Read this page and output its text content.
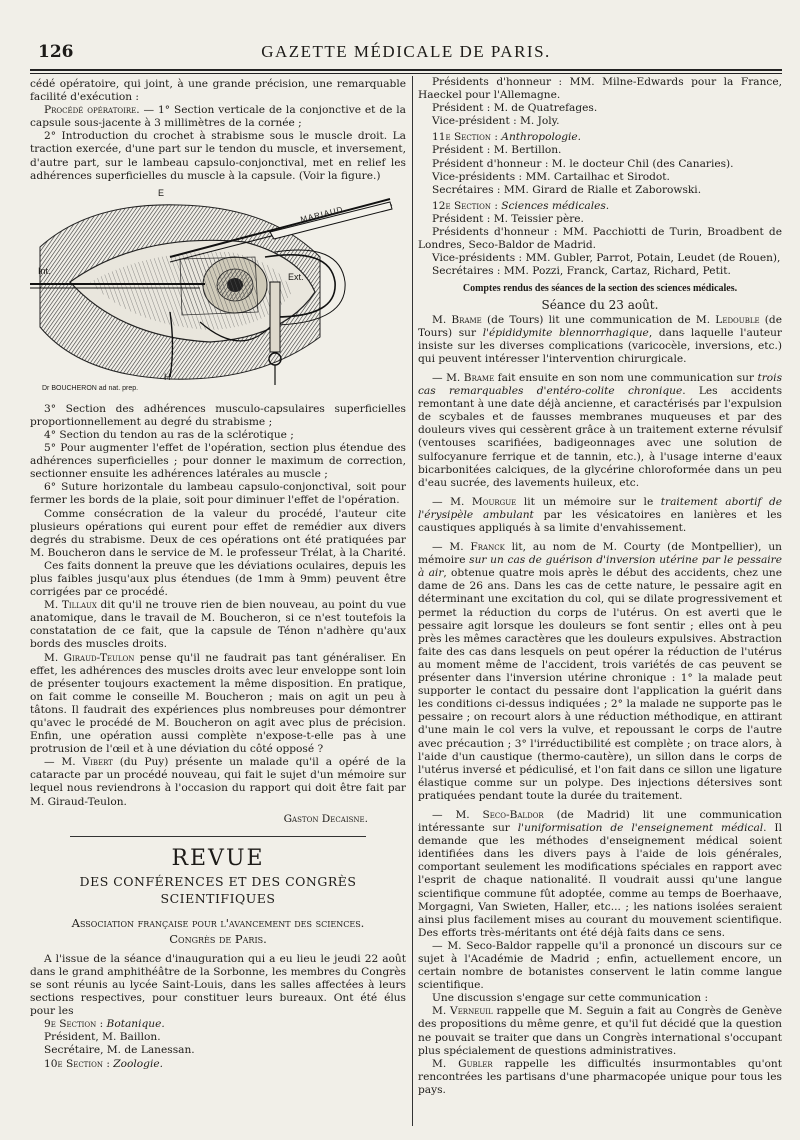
126	GAZETTE MÉDICALE DE PARIS.

cédé opératoire, qui joint, à une grande précision, une remarquable facilité d'exécution :

Procédé opératoire. — 1° Section verticale de la conjonctive et de la capsule sous-jacente à 3 millimètres de la cornée ;

2° Introduction du crochet à strabisme sous le muscle droit. La traction exercée, d'une part sur le tendon du muscle, et inversement, d'autre part, sur le lambeau capsulo-conjonctival, met en relief les adhérences superficielles du muscle à la capsule. (Voir la figure.)

E
Int.
Ext.
MARIAUD
H
Dr BOUCHERON ad nat. prep.

3° Section des adhérences musculo-capsulaires superficielles proportionnellement au degré du strabisme ;

4° Section du tendon au ras de la sclérotique ;

5° Pour augmenter l'effet de l'opération, section plus étendue des adhérences superficielles ; pour donner le maximum de correction, sectionner ensuite les adhérences latérales au muscle ;

6° Suture horizontale du lambeau capsulo-conjonctival, soit pour fermer les bords de la plaie, soit pour diminuer l'effet de l'opération.

Comme consécration de la valeur du procédé, l'auteur cite plusieurs opérations qui eurent pour effet de remédier aux divers degrés du strabisme. Deux de ces opérations ont été pratiquées par M. Boucheron dans le service de M. le professeur Trélat, à la Charité.

Ces faits donnent la preuve que les déviations oculaires, depuis les plus faibles jusqu'aux plus étendues (de 1mm à 9mm) peuvent être corrigées par ce procédé.

M. Tillaux dit qu'il ne trouve rien de bien nouveau, au point du vue anatomique, dans le travail de M. Boucheron, si ce n'est toutefois la constatation de ce fait, que la capsule de Ténon n'adhère qu'aux bords des muscles droits.

M. Giraud-Teulon pense qu'il ne faudrait pas tant généraliser. En effet, les adhérences des muscles droits avec leur enveloppe sont loin de présenter toujours exactement la même disposition. En pratique, on fait comme le conseille M. Boucheron ; mais on agit un peu à tâtons. Il faudrait des expériences plus nombreuses pour démontrer qu'avec le procédé de M. Boucheron on agit avec plus de précision. Enfin, une opération aussi complète n'expose-t-elle pas à une protrusion de l'œil et à une déviation du côté opposé ?

— M. Vibert (du Puy) présente un malade qu'il a opéré de la cataracte par un procédé nouveau, qui fait le sujet d'un mémoire sur lequel nous reviendrons à l'occasion du rapport qui doit être fait par M. Giraud-Teulon.

Gaston Decaisne.

REVUE

DES CONFÉRENCES ET DES CONGRÈS SCIENTIFIQUES

Association française pour l'avancement des sciences.

Congrès de Paris.

A l'issue de la séance d'inauguration qui a eu lieu le jeudi 22 août dans le grand amphithéâtre de la Sorbonne, les membres du Congrès se sont réunis au lycée Saint-Louis, dans les salles affectées à leurs sections respectives, pour constituer leurs bureaux. Ont été élus pour les

9e Section : Botanique.

Président, M. Baillon.

Secrétaire, M. de Lanessan.

10e Section : Zoologie.

Présidents d'honneur : MM. Milne-Edwards pour la France, Haeckel pour l'Allemagne.

Président : M. de Quatrefages.

Vice-président : M. Joly.

11e Section : Anthropologie.

Président : M. Bertillon.

Président d'honneur : M. le docteur Chil (des Canaries).

Vice-présidents : MM. Cartailhac et Sirodot.

Secrétaires : MM. Girard de Rialle et Zaborowski.

12e Section : Sciences médicales.

Président : M. Teissier père.

Présidents d'honneur : MM. Pacchiotti de Turin, Broadbent de Londres, Seco-Baldor de Madrid.

Vice-présidents : MM. Gubler, Parrot, Potain, Leudet (de Rouen),

Secrétaires : MM. Pozzi, Franck, Cartaz, Richard, Petit.

Comptes rendus des séances de la section des sciences médicales.

Séance du 23 août.

M. Brame (de Tours) lit une communication de M. Ledouble (de Tours) sur l'épididymite blennorrhagique, dans laquelle l'auteur insiste sur les diverses complications (varicocèle, inversions, etc.) qui peuvent intéresser l'intervention chirurgicale.

— M. Brame fait ensuite en son nom une communication sur trois cas remarquables d'entéro-colite chronique. Les accidents remontant à une date déjà ancienne, et caractérisés par l'expulsion de scybales et de fausses membranes muqueuses et par des douleurs vives qui cessèrent grâce à un traitement externe révulsif (ventouses scarifiées, badigeonnages avec une solution de sulfocyanure ferrique et de tannin, etc.), à l'usage interne d'eaux bicarbonitées calciques, de la glycérine chloroformée dans un peu d'eau sucrée, des lavements huileux, etc.

— M. Mourgue lit un mémoire sur le traitement abortif de l'érysipèle ambulant par les vésicatoires en lanières et les caustiques appliqués à sa limite d'envahissement.

— M. Franck lit, au nom de M. Courty (de Montpellier), un mémoire sur un cas de guérison d'inversion utérine par le pessaire à air, obtenue quatre mois après le début des accidents, chez une dame de 26 ans. Dans les cas de cette nature, le pessaire agit en déterminant une excitation du col, qui se dilate progressivement et permet la réduction du corps de l'utérus. On est averti que le pessaire agit lorsque les douleurs se font sentir ; elles ont à peu près les mêmes caractères que les douleurs expulsives. Abstraction faite des cas dans lesquels on peut opérer la réduction de l'utérus au moment même de l'accident, trois variétés de cas peuvent se présenter dans l'inversion utérine chronique : 1° la malade peut supporter le contact du pessaire dont l'application la guérit dans les conditions ci-dessus indiquées ; 2° la malade ne supporte pas le pessaire ; on recourt alors à une réduction méthodique, en attirant d'une main le col vers la vulve, et repoussant le corps de l'autre avec précaution ; 3° l'irréductibilité est complète ; on trace alors, à l'aide d'un caustique (thermo-cautère), un sillon dans le corps de l'utérus inversé et pédiculisé, et l'on fait dans ce sillon une ligature élastique comme sur un polype. Des injections détersives sont pratiquées pendant toute la durée du traitement.

— M. Seco-Baldor (de Madrid) lit une communication intéressante sur l'uniformisation de l'enseignement médical. Il demande que les méthodes d'enseignement médical soient identifiées dans les divers pays à l'aide de lois générales, comportant seulement les modifications spéciales en rapport avec l'esprit de chaque nationalité. Il voudrait aussi qu'une langue scientifique commune fût adoptée, comme au temps de Boerhaave, Morgagni, Van Swieten, Haller, etc... ; les nations isolées seraient ainsi plus facilement mises au courant du mouvement scientifique. Des efforts très-méritants ont été déjà faits dans ce sens.

— M. Seco-Baldor rappelle qu'il a prononcé un discours sur ce sujet à l'Académie de Madrid ; enfin, actuellement encore, un certain nombre de botanistes conservent le latin comme langue scientifique.

Une discussion s'engage sur cette communication :

M. Verneuil rappelle que M. Seguin a fait au Congrès de Genève des propositions du même genre, et qu'il fut décidé que la question ne pouvait se traiter que dans un Congrès international s'occupant plus spécialement de questions administratives.

M. Gubler rappelle les difficultés insurmontables qu'ont rencontrées les partisans d'une pharmacopée unique pour tous les pays.
